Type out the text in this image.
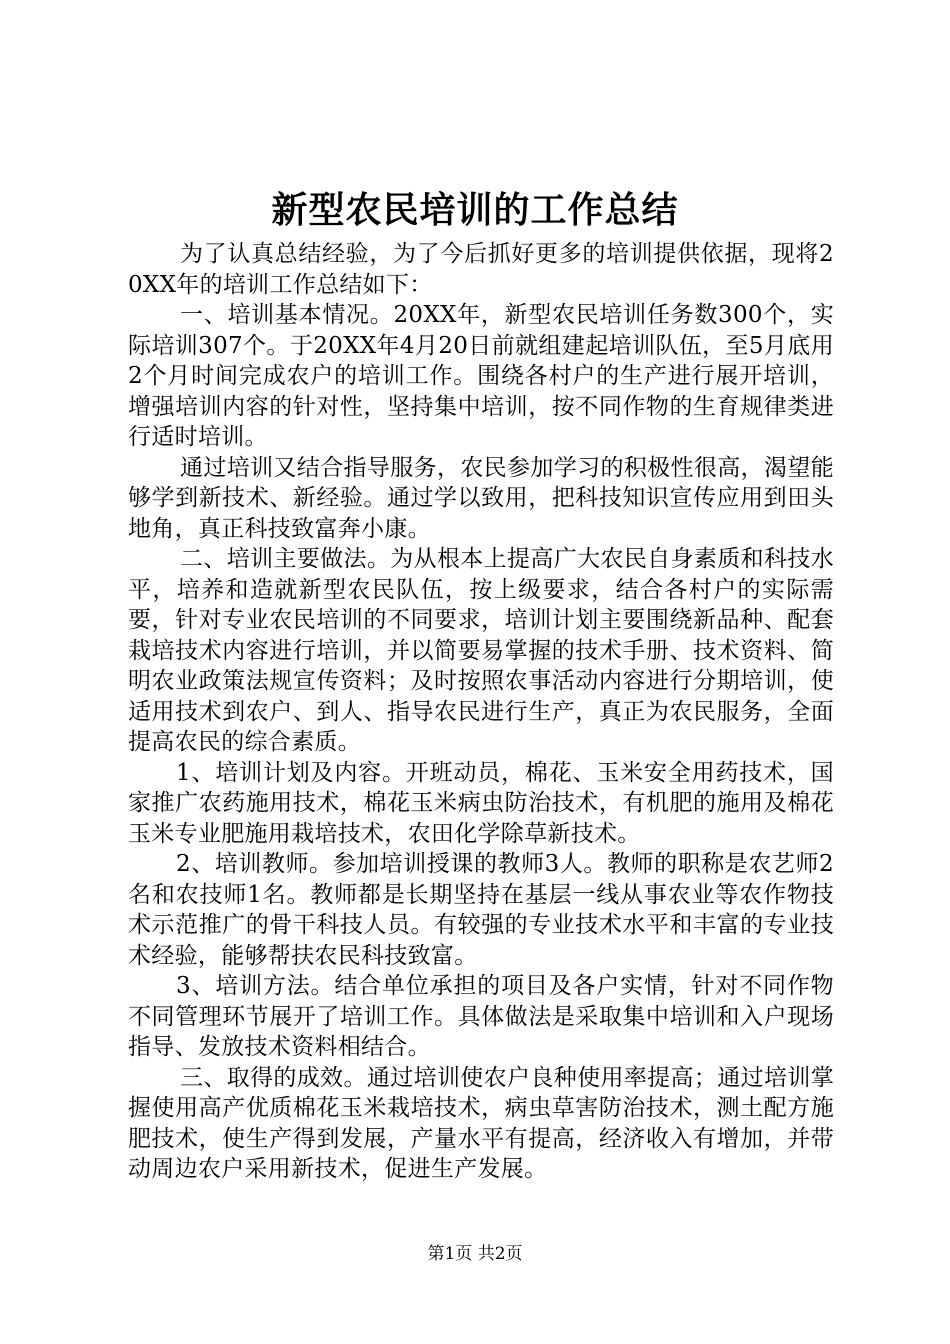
新型农民培训的工作总结

为了认真总结经验，为了今后抓好更多的培训提供依据，现将20XX年的培训工作总结如下：

一、培训基本情况。20XX年，新型农民培训任务数300个，实际培训307个。于20XX年4月20日前就组建起培训队伍，至5月底用2个月时间完成农户的培训工作。围绕各村户的生产进行展开培训，增强培训内容的针对性，坚持集中培训，按不同作物的生育规律类进行适时培训。

通过培训又结合指导服务，农民参加学习的积极性很高，渴望能够学到新技术、新经验。通过学以致用，把科技知识宣传应用到田头地角，真正科技致富奔小康。

二、培训主要做法。为从根本上提高广大农民自身素质和科技水平，培养和造就新型农民队伍，按上级要求，结合各村户的实际需要，针对专业农民培训的不同要求，培训计划主要围绕新品种、配套栽培技术内容进行培训，并以简要易掌握的技术手册、技术资料、简明农业政策法规宣传资料；及时按照农事活动内容进行分期培训，使适用技术到农户、到人、指导农民进行生产，真正为农民服务，全面提高农民的综合素质。

1、培训计划及内容。开班动员，棉花、玉米安全用药技术，国家推广农药施用技术，棉花玉米病虫防治技术，有机肥的施用及棉花玉米专业肥施用栽培技术，农田化学除草新技术。

2、培训教师。参加培训授课的教师3人。教师的职称是农艺师2名和农技师1名。教师都是长期坚持在基层一线从事农业等农作物技术示范推广的骨干科技人员。有较强的专业技术水平和丰富的专业技术经验，能够帮扶农民科技致富。

3、培训方法。结合单位承担的项目及各户实情，针对不同作物不同管理环节展开了培训工作。具体做法是采取集中培训和入户现场指导、发放技术资料相结合。

三、取得的成效。通过培训使农户良种使用率提高；通过培训掌握使用高产优质棉花玉米栽培技术，病虫草害防治技术，测土配方施肥技术，使生产得到发展，产量水平有提高，经济收入有增加，并带动周边农户采用新技术，促进生产发展。

第1页 共2页
